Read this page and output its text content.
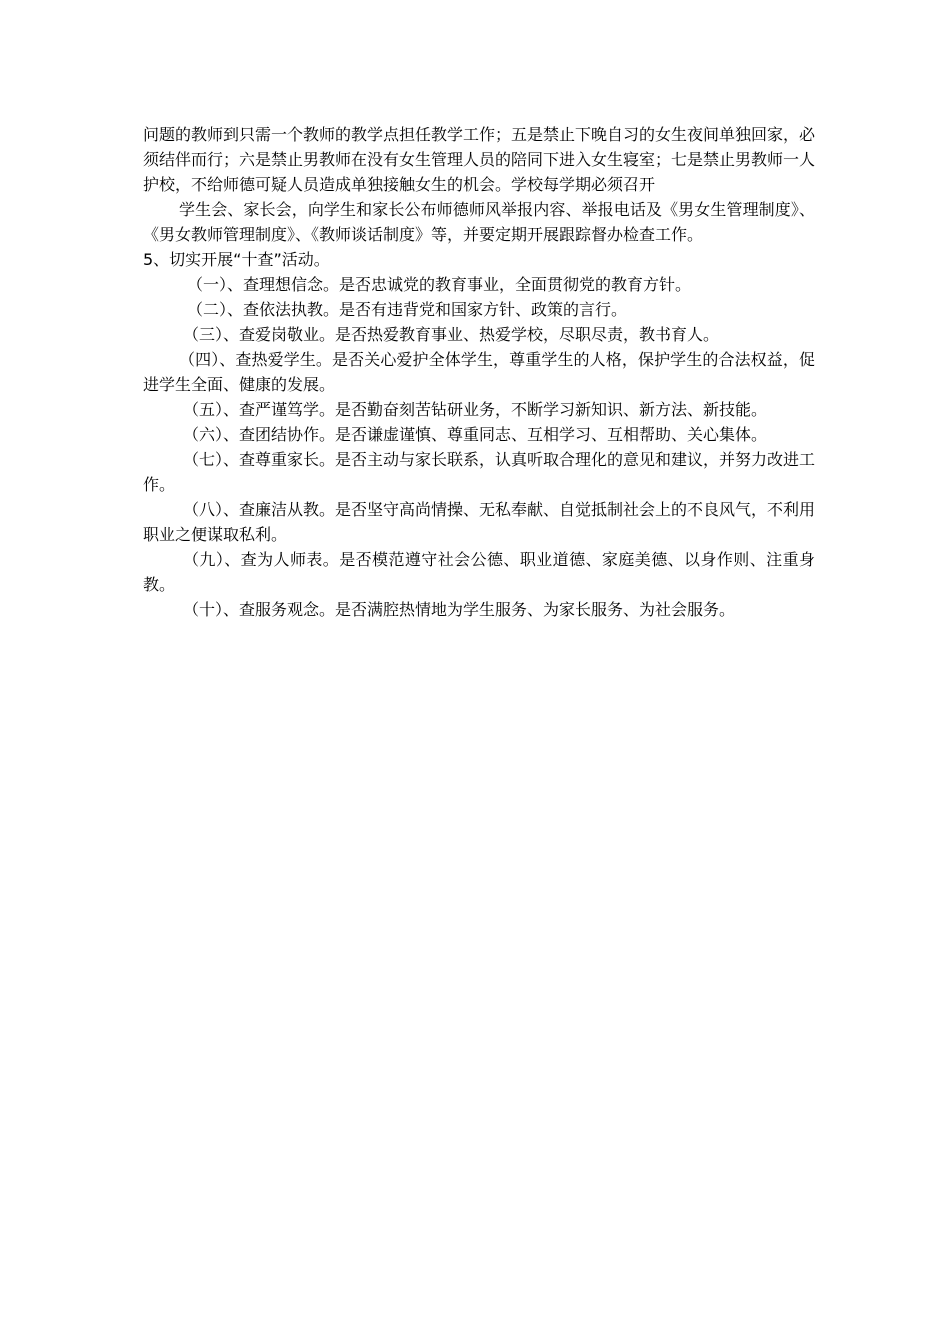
问题的教师到只需一个教师的教学点担任教学工作；五是禁止下晚自习的女生夜间单独回家，必须结伴而行；六是禁止男教师在没有女生管理人员的陪同下进入女生寝室；七是禁止男教师一人护校，不给师德可疑人员造成单独接触女生的机会。学校每学期必须召开

学生会、家长会，向学生和家长公布师德师风举报内容、举报电话及《男女生管理制度》、《男女教师管理制度》、《教师谈话制度》等，并要定期开展跟踪督办检查工作。

5、切实开展“十查”活动。

（一）、查理想信念。是否忠诚党的教育事业，全面贯彻党的教育方针。

（二）、查依法执教。是否有违背党和国家方针、政策的言行。

（三）、查爱岗敬业。是否热爱教育事业、热爱学校，尽职尽责，教书育人。

（四）、查热爱学生。是否关心爱护全体学生，尊重学生的人格，保护学生的合法权益，促进学生全面、健康的发展。

（五）、查严谨笃学。是否勤奋刻苦钻研业务，不断学习新知识、新方法、新技能。

（六）、查团结协作。是否谦虚谨慎、尊重同志、互相学习、互相帮助、关心集体。

（七）、查尊重家长。是否主动与家长联系，认真听取合理化的意见和建议，并努力改进工作。

（八）、查廉洁从教。是否坚守高尚情操、无私奉献、自觉抵制社会上的不良风气，不利用职业之便谋取私利。

（九）、查为人师表。是否模范遵守社会公德、职业道德、家庭美德、以身作则、注重身教。

（十）、查服务观念。是否满腔热情地为学生服务、为家长服务、为社会服务。
